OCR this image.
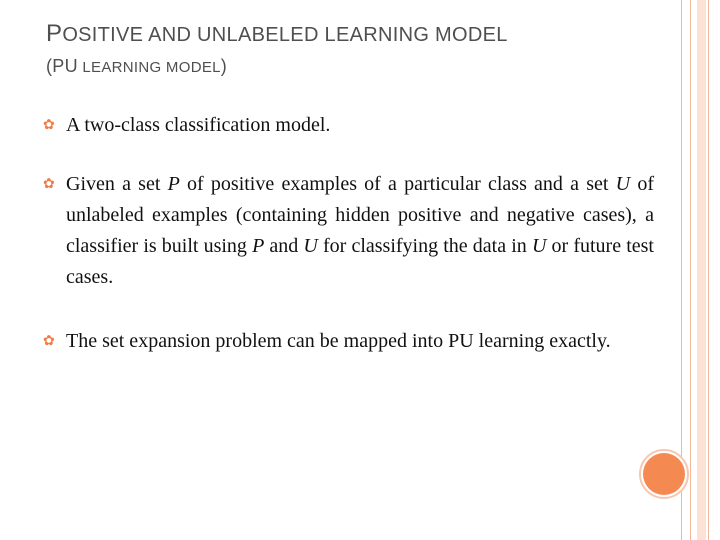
POSITIVE AND UNLABELED LEARNING MODEL
(PU LEARNING MODEL)
✿ A two-class classification model.
✿ Given a set P of positive examples of a particular class and a set U of unlabeled examples (containing hidden positive and negative cases), a classifier is built using P and U for classifying the data in U or future test cases.
✿ The set expansion problem can be mapped into PU learning exactly.
